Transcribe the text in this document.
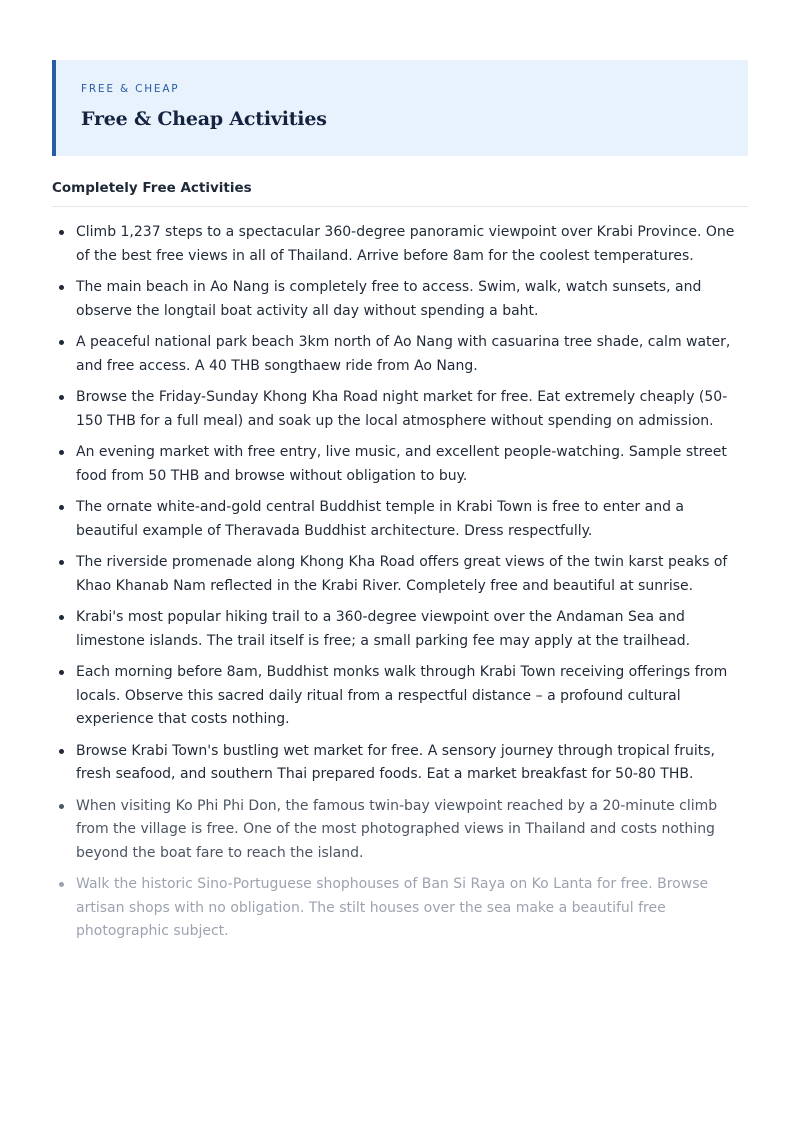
FREE & CHEAP
Free & Cheap Activities
Completely Free Activities
Climb 1,237 steps to a spectacular 360-degree panoramic viewpoint over Krabi Province. One of the best free views in all of Thailand. Arrive before 8am for the coolest temperatures.
The main beach in Ao Nang is completely free to access. Swim, walk, watch sunsets, and observe the longtail boat activity all day without spending a baht.
A peaceful national park beach 3km north of Ao Nang with casuarina tree shade, calm water, and free access. A 40 THB songthaew ride from Ao Nang.
Browse the Friday-Sunday Khong Kha Road night market for free. Eat extremely cheaply (50-150 THB for a full meal) and soak up the local atmosphere without spending on admission.
An evening market with free entry, live music, and excellent people-watching. Sample street food from 50 THB and browse without obligation to buy.
The ornate white-and-gold central Buddhist temple in Krabi Town is free to enter and a beautiful example of Theravada Buddhist architecture. Dress respectfully.
The riverside promenade along Khong Kha Road offers great views of the twin karst peaks of Khao Khanab Nam reflected in the Krabi River. Completely free and beautiful at sunrise.
Krabi's most popular hiking trail to a 360-degree viewpoint over the Andaman Sea and limestone islands. The trail itself is free; a small parking fee may apply at the trailhead.
Each morning before 8am, Buddhist monks walk through Krabi Town receiving offerings from locals. Observe this sacred daily ritual from a respectful distance – a profound cultural experience that costs nothing.
Browse Krabi Town's bustling wet market for free. A sensory journey through tropical fruits, fresh seafood, and southern Thai prepared foods. Eat a market breakfast for 50-80 THB.
When visiting Ko Phi Phi Don, the famous twin-bay viewpoint reached by a 20-minute climb from the village is free. One of the most photographed views in Thailand and costs nothing beyond the boat fare to reach the island.
Walk the historic Sino-Portuguese shophouses of Ban Si Raya on Ko Lanta for free. Browse artisan shops with no obligation. The stilt houses over the sea make a beautiful free photographic subject.
